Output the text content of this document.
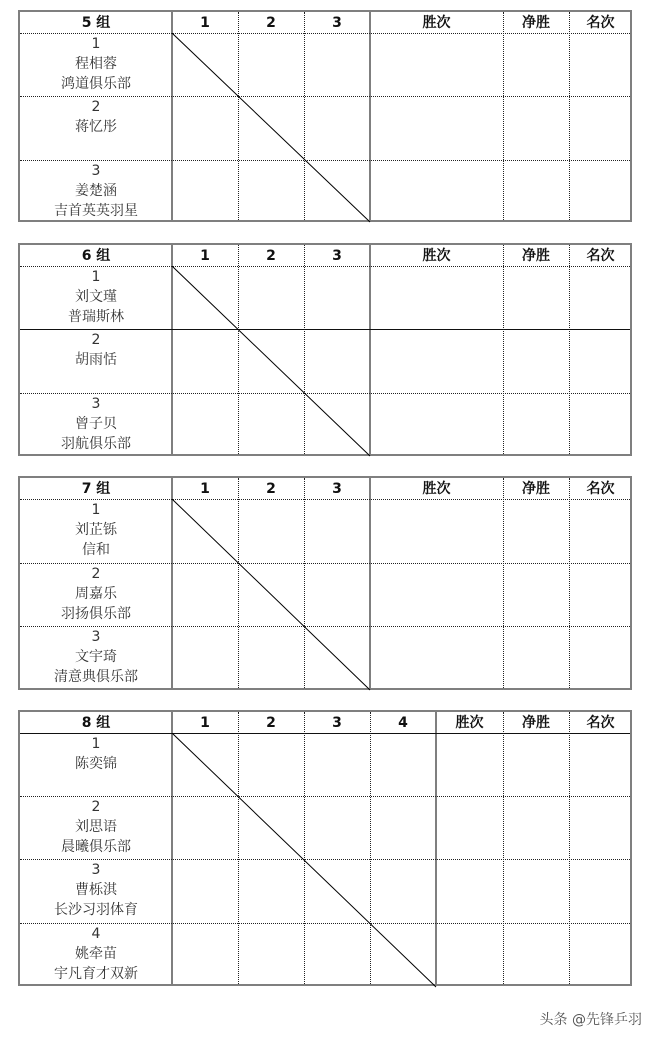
5 组	1	2	3	胜次	净胜	名次
1
程相蓉
鸿道俱乐部
2
蒋忆彤
3
姜楚涵
吉首英英羽星
6 组	1	2	3	胜次	净胜	名次
1
刘文瑾
普瑞斯林
2
胡雨恬
3
曾子贝
羽航俱乐部
7 组	1	2	3	胜次	净胜	名次
1
刘芷铄
信和
2
周嘉乐
羽扬俱乐部
3
文宇琦
清意典俱乐部
8 组	1	2	3	4	胜次	净胜	名次
1
陈奕锦
2
刘思语
晨曦俱乐部
3
曹栎淇
长沙习羽体育
4
姚牵苗
宇凡育才双新
头条 @先锋乒羽
